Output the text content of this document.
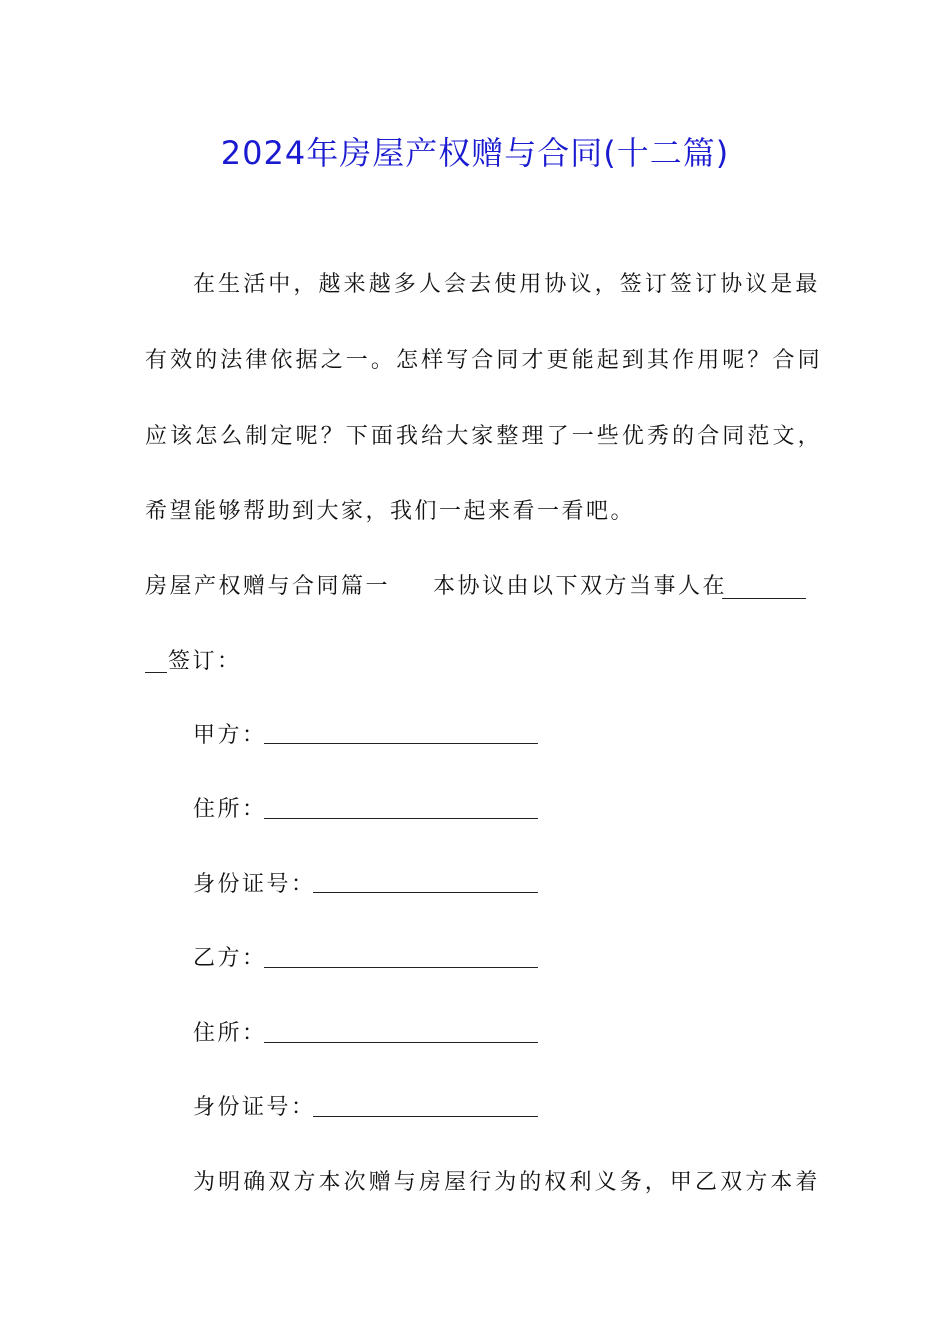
2024年房屋产权赠与合同(十二篇)
在生活中，越来越多人会去使用协议，签订签订协议是最
有效的法律依据之一。怎样写合同才更能起到其作用呢？合同
应该怎么制定呢？下面我给大家整理了一些优秀的合同范文，
希望能够帮助到大家，我们一起来看一看吧。
房屋产权赠与合同篇一 本协议由以下双方当事人在
签订：
甲方：
住所：
身份证号：
乙方：
住所：
身份证号：
为明确双方本次赠与房屋行为的权利义务，甲乙双方本着
